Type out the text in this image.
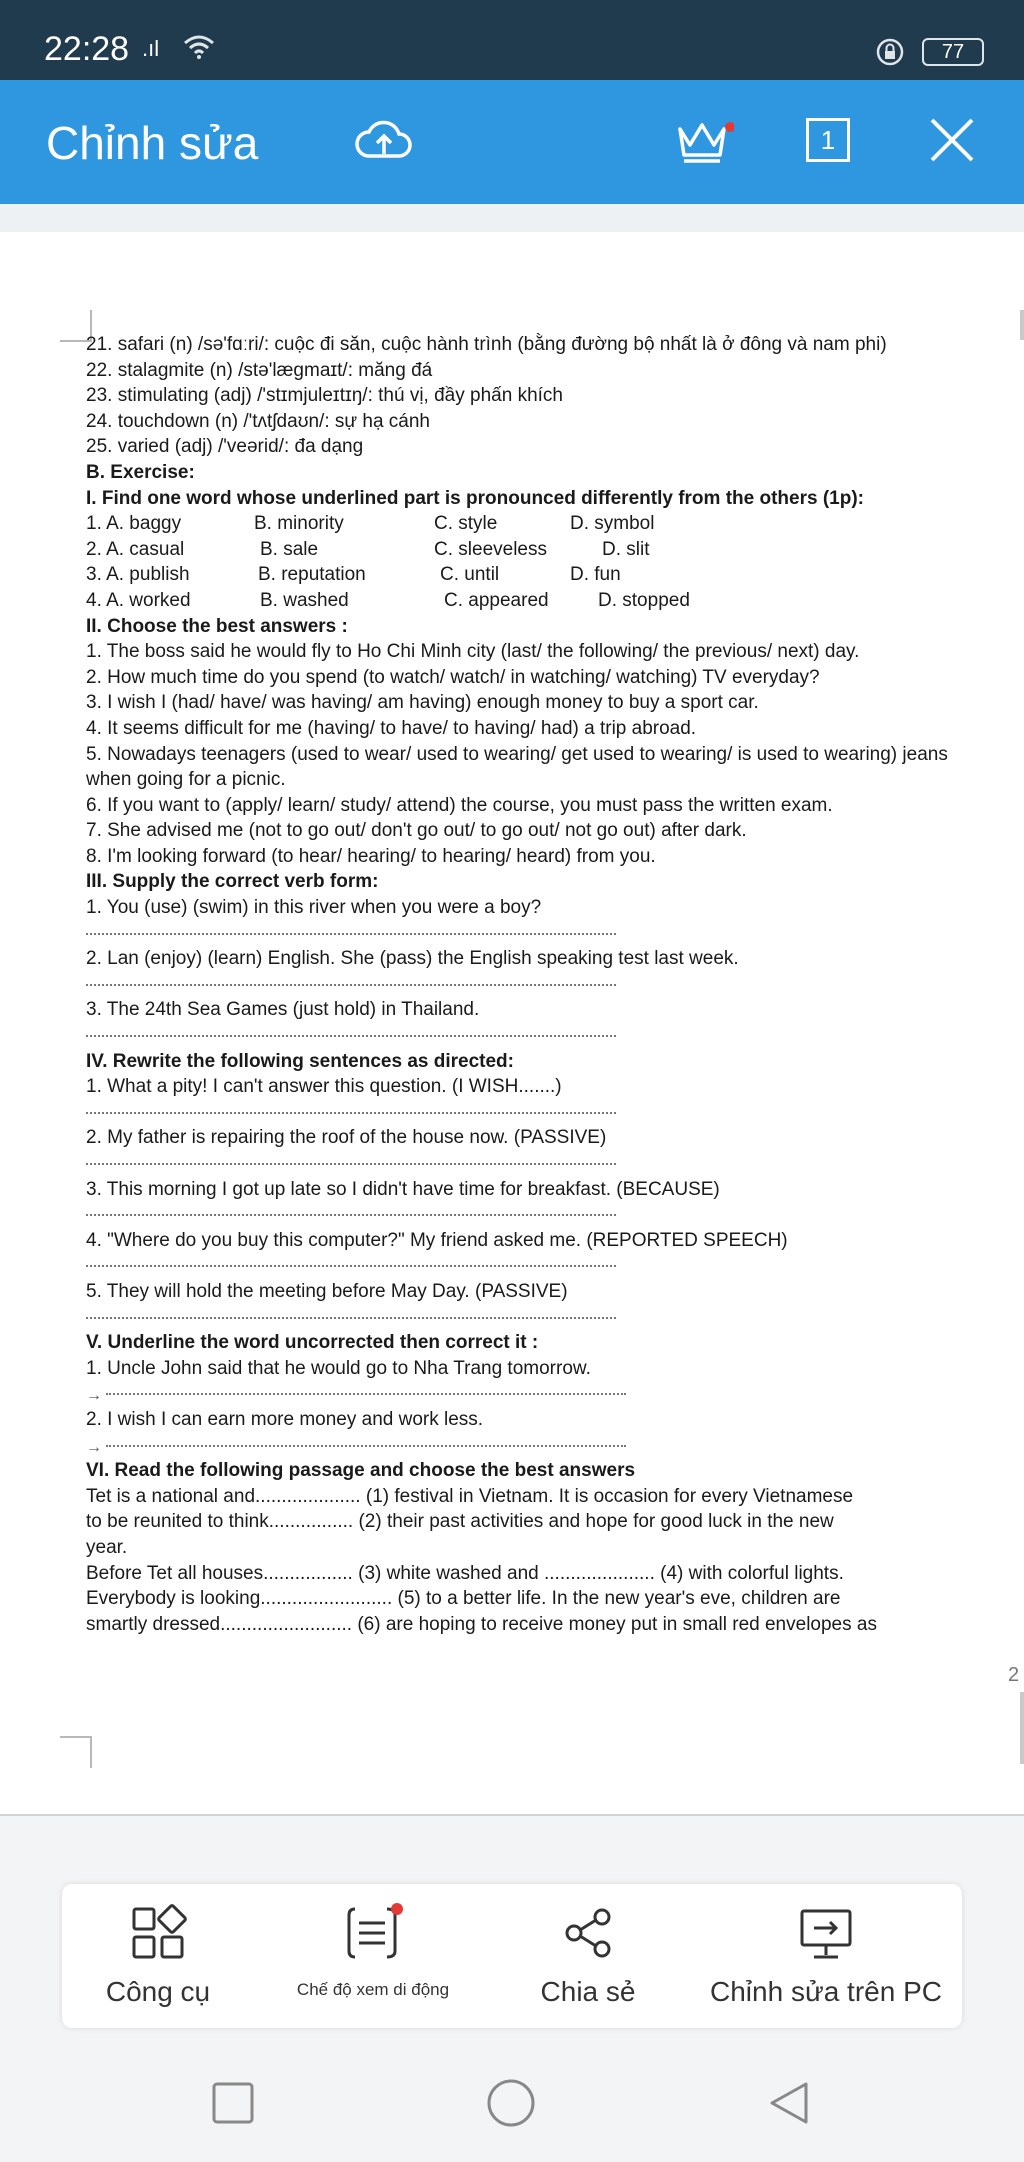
22:28 .ıl	77
Chỉnh sửa	1
2
21. safari (n) /sə'fɑːri/: cuộc đi săn, cuộc hành trình (bằng đường bộ nhất là ở đông và nam phi)
22. stalagmite (n) /stə'læɡmaɪt/: măng đá
23. stimulating (adj) /'stɪmjuleɪtɪŋ/: thú vị, đầy phấn khích
24. touchdown (n) /'tʌtʃdaʊn/: sự hạ cánh
25. varied (adj) /'veərid/: đa dạng
B. Exercise:
I. Find one word whose underlined part is pronounced differently from the others (1p):
1. A. baggy	B. minority	C. style	D. symbol
2. A. casual	B. sale	C. sleeveless	D. slit
3. A. publish	B. reputation	C. until	D. fun
4. A. worked	B. washed	C. appeared	D. stopped
II. Choose the best answers :
1. The boss said he would fly to Ho Chi Minh city (last/ the following/ the previous/ next) day.
2. How much time do you spend (to watch/ watch/ in watching/ watching) TV everyday?
3. I wish I (had/ have/ was having/ am having) enough money to buy a sport car.
4. It seems difficult for me (having/ to have/ to having/ had) a trip abroad.
5. Nowadays teenagers (used to wear/ used to wearing/ get used to wearing/ is used to wearing) jeans when going for a picnic.
6. If you want to (apply/ learn/ study/ attend) the course, you must pass the written exam.
7. She advised me (not to go out/ don't go out/ to go out/ not go out) after dark.
8. I'm looking forward (to hear/ hearing/ to hearing/ heard) from you.
III. Supply the correct verb form:
1. You (use) (swim) in this river when you were a boy?
2. Lan (enjoy) (learn) English. She (pass) the English speaking test last week.
3. The 24th Sea Games (just hold) in Thailand.
IV. Rewrite the following sentences as directed:
1. What a pity! I can't answer this question. (I WISH.......)
2. My father is repairing the roof of the house now. (PASSIVE)
3. This morning I got up late so I didn't have time for breakfast. (BECAUSE)
4. "Where do you buy this computer?" My friend asked me. (REPORTED SPEECH)
5. They will hold the meeting before May Day. (PASSIVE)
V. Underline the word uncorrected then correct it :
1. Uncle John said that he would go to Nha Trang tomorrow.
→
2. I wish I can earn more money and work less.
→
VI. Read the following passage and choose the best answers
Tet is a national and.................... (1) festival in Vietnam. It is occasion for every Vietnamese
to be reunited to think................ (2) their past activities and hope for good luck in the new
year.
Before Tet all houses................. (3) white washed and ..................... (4) with colorful lights.
Everybody is looking......................... (5) to a better life. In the new year's eve, children are
smartly dressed......................... (6) are hoping to receive money put in small red envelopes as
Công cụ	Chế độ xem di động	Chia sẻ	Chỉnh sửa trên PC
